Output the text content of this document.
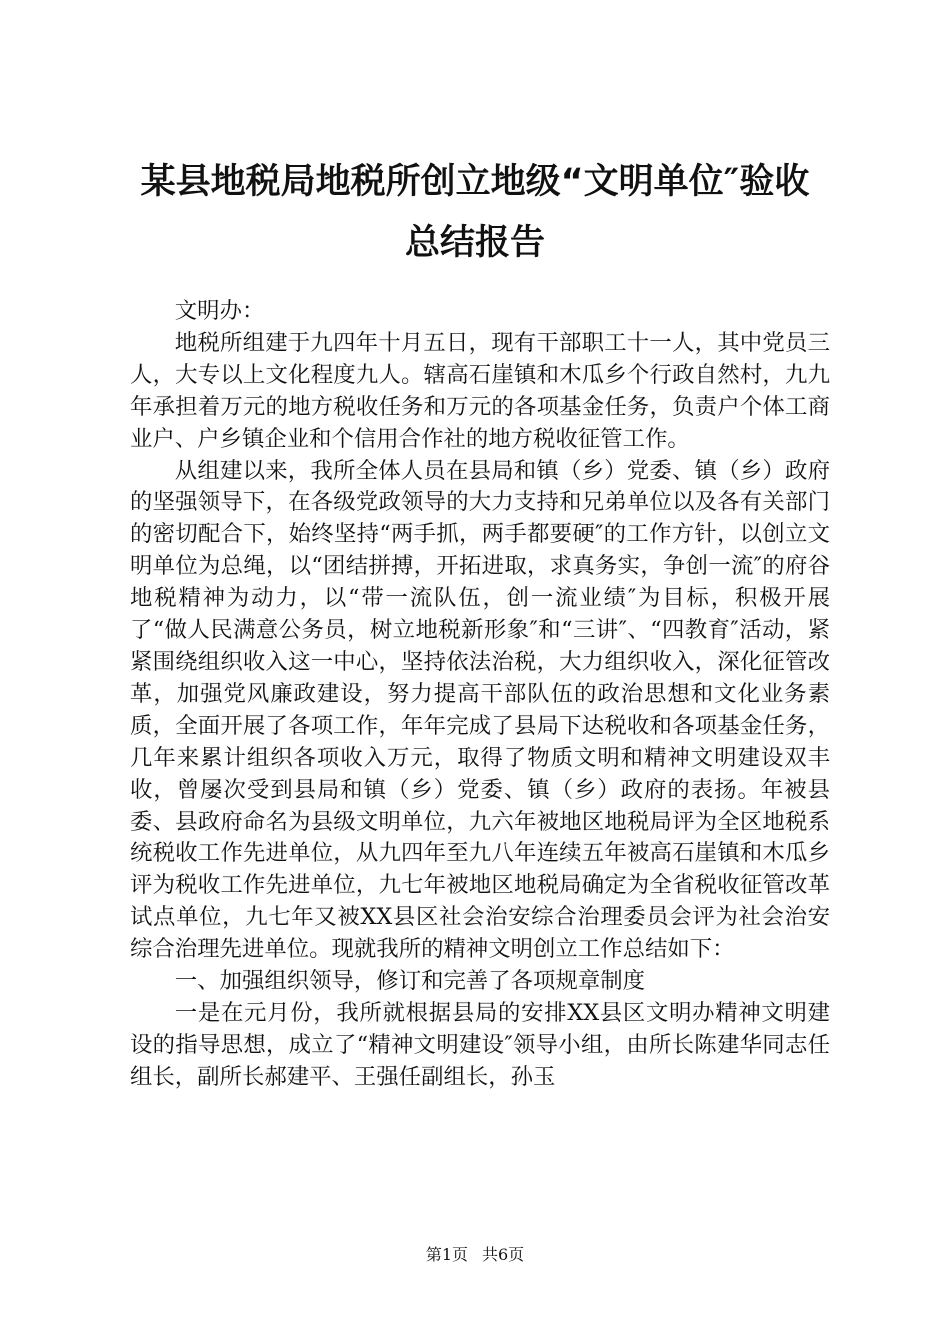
某县地税局地税所创立地级“文明单位″验收
总结报告

文明办：

地税所组建于九四年十月五日，现有干部职工十一人，其中党员三人，大专以上文化程度九人。辖高石崖镇和木瓜乡个行政自然村，九九年承担着万元的地方税收任务和万元的各项基金任务，负责户个体工商业户、户乡镇企业和个信用合作社的地方税收征管工作。

从组建以来，我所全体人员在县局和镇（乡）党委、镇（乡）政府的坚强领导下，在各级党政领导的大力支持和兄弟单位以及各有关部门的密切配合下，始终坚持“两手抓，两手都要硬″的工作方针，以创立文明单位为总绳，以“团结拼搏，开拓进取，求真务实，争创一流″的府谷地税精神为动力，以“带一流队伍，创一流业绩″为目标，积极开展了“做人民满意公务员，树立地税新形象″和“三讲″、“四教育″活动，紧紧围绕组织收入这一中心，坚持依法治税，大力组织收入，深化征管改革，加强党风廉政建设，努力提高干部队伍的政治思想和文化业务素质，全面开展了各项工作，年年完成了县局下达税收和各项基金任务，几年来累计组织各项收入万元，取得了物质文明和精神文明建设双丰收，曾屡次受到县局和镇（乡）党委、镇（乡）政府的表扬。年被县委、县政府命名为县级文明单位，九六年被地区地税局评为全区地税系统税收工作先进单位，从九四年至九八年连续五年被高石崖镇和木瓜乡评为税收工作先进单位，九七年被地区地税局确定为全省税收征管改革试点单位，九七年又被XX县区社会治安综合治理委员会评为社会治安综合治理先进单位。现就我所的精神文明创立工作总结如下：

一、加强组织领导，修订和完善了各项规章制度

一是在元月份，我所就根据县局的安排XX县区文明办精神文明建设的指导思想，成立了“精神文明建设″领导小组，由所长陈建华同志任组长，副所长郝建平、王强任副组长，孙玉

第1页 共6页
